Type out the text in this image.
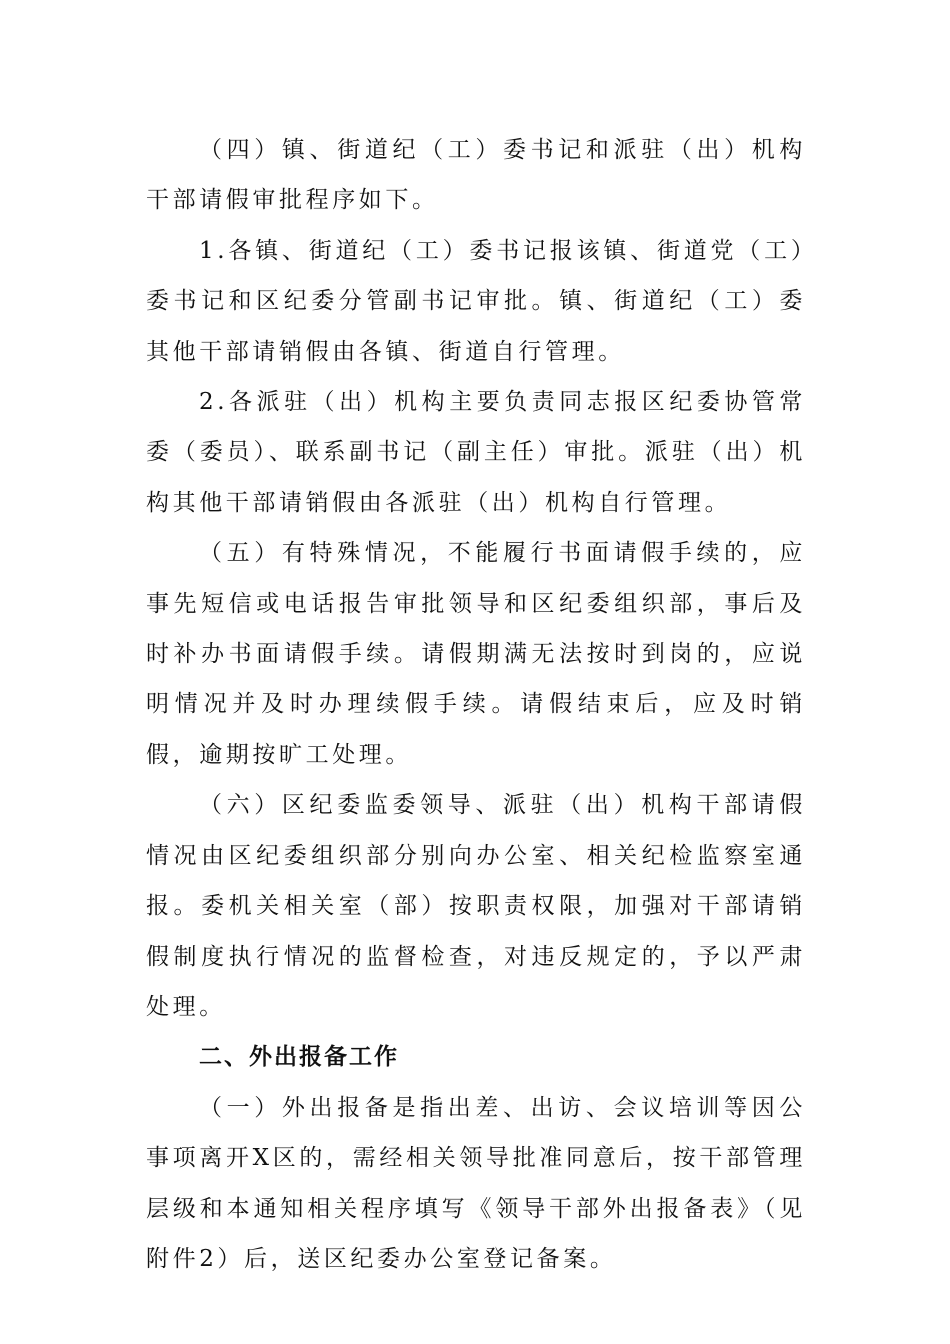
（四）镇、街道纪（工）委书记和派驻（出）机构干部请假审批程序如下。

1.各镇、街道纪（工）委书记报该镇、街道党（工）委书记和区纪委分管副书记审批。镇、街道纪（工）委其他干部请销假由各镇、街道自行管理。

2.各派驻（出）机构主要负责同志报区纪委协管常委（委员）、联系副书记（副主任）审批。派驻（出）机构其他干部请销假由各派驻（出）机构自行管理。

（五）有特殊情况，不能履行书面请假手续的，应事先短信或电话报告审批领导和区纪委组织部，事后及时补办书面请假手续。请假期满无法按时到岗的，应说明情况并及时办理续假手续。请假结束后，应及时销假，逾期按旷工处理。

（六）区纪委监委领导、派驻（出）机构干部请假情况由区纪委组织部分别向办公室、相关纪检监察室通报。委机关相关室（部）按职责权限，加强对干部请销假制度执行情况的监督检查，对违反规定的，予以严肃处理。

二、外出报备工作

（一）外出报备是指出差、出访、会议培训等因公事项离开X区的，需经相关领导批准同意后，按干部管理层级和本通知相关程序填写《领导干部外出报备表》（见附件2）后，送区纪委办公室登记备案。
